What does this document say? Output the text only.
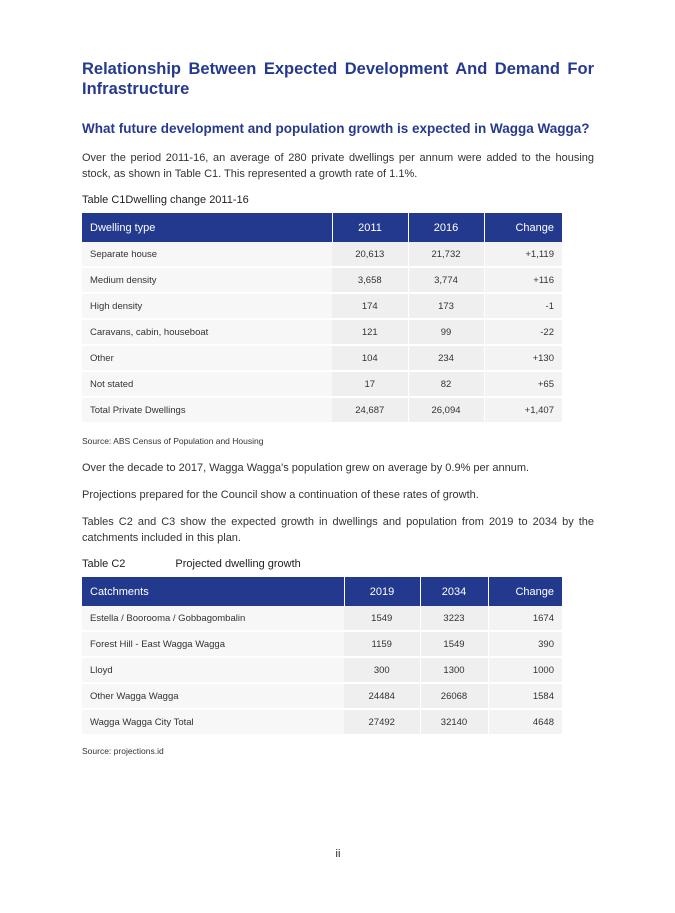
Relationship Between Expected Development And Demand For Infrastructure
What future development and population growth is expected in Wagga Wagga?
Over the period 2011-16, an average of 280 private dwellings per annum were added to the housing stock, as shown in Table C1. This represented a growth rate of 1.1%.
Table C1Dwelling change 2011-16
Dwelling type	2011	2016	Change
Separate house	20,613	21,732	+1,119
Medium density	3,658	3,774	+116
High density	174	173	-1
Caravans, cabin, houseboat	121	99	-22
Other	104	234	+130
Not stated	17	82	+65
Total Private Dwellings	24,687	26,094	+1,407
Source: ABS Census of Population and Housing
Over the decade to 2017, Wagga Wagga's population grew on average by 0.9% per annum.
Projections prepared for the Council show a continuation of these rates of growth.
Tables C2 and C3 show the expected growth in dwellings and population from 2019 to 2034 by the catchments included in this plan.
Table C2	Projected dwelling growth
Catchments	2019	2034	Change
Estella / Boorooma / Gobbagombalin	1549	3223	1674
Forest Hill - East Wagga Wagga	1159	1549	390
Lloyd	300	1300	1000
Other Wagga Wagga	24484	26068	1584
Wagga Wagga City Total	27492	32140	4648
Source: projections.id
ii
